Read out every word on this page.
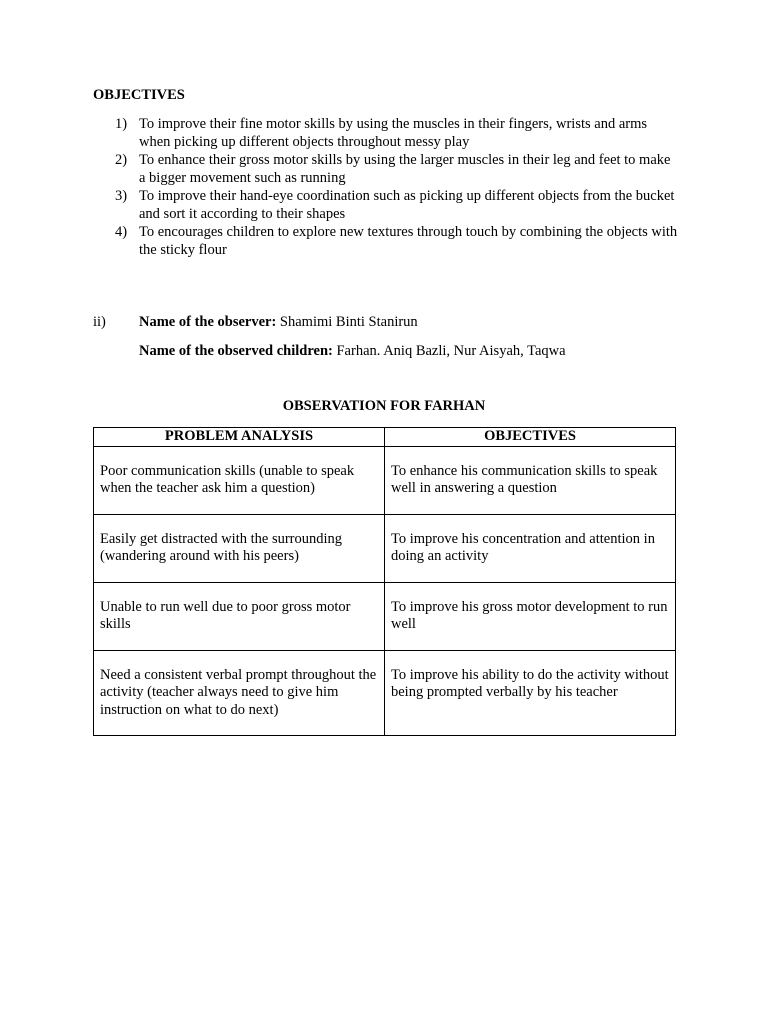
OBJECTIVES
1) To improve their fine motor skills by using the muscles in their fingers, wrists and arms when picking up different objects throughout messy play
2) To enhance their gross motor skills by using the larger muscles in their leg and feet to make a bigger movement such as running
3) To improve their hand-eye coordination such as picking up different objects from the bucket and sort it according to their shapes
4) To encourages children to explore new textures through touch by combining the objects with the sticky flour
ii) Name of the observer: Shamimi Binti Stanirun
Name of the observed children: Farhan. Aniq Bazli, Nur Aisyah, Taqwa
OBSERVATION FOR FARHAN
PROBLEM ANALYSIS	OBJECTIVES
Poor communication skills (unable to speak when the teacher ask him a question)	To enhance his communication skills to speak well in answering a question
Easily get distracted with the surrounding (wandering around with his peers)	To improve his concentration and attention in doing an activity
Unable to run well due to poor gross motor skills	To improve his gross motor development to run well
Need a consistent verbal prompt throughout the activity (teacher always need to give him instruction on what to do next)	To improve his ability to do the activity without being prompted verbally by his teacher
